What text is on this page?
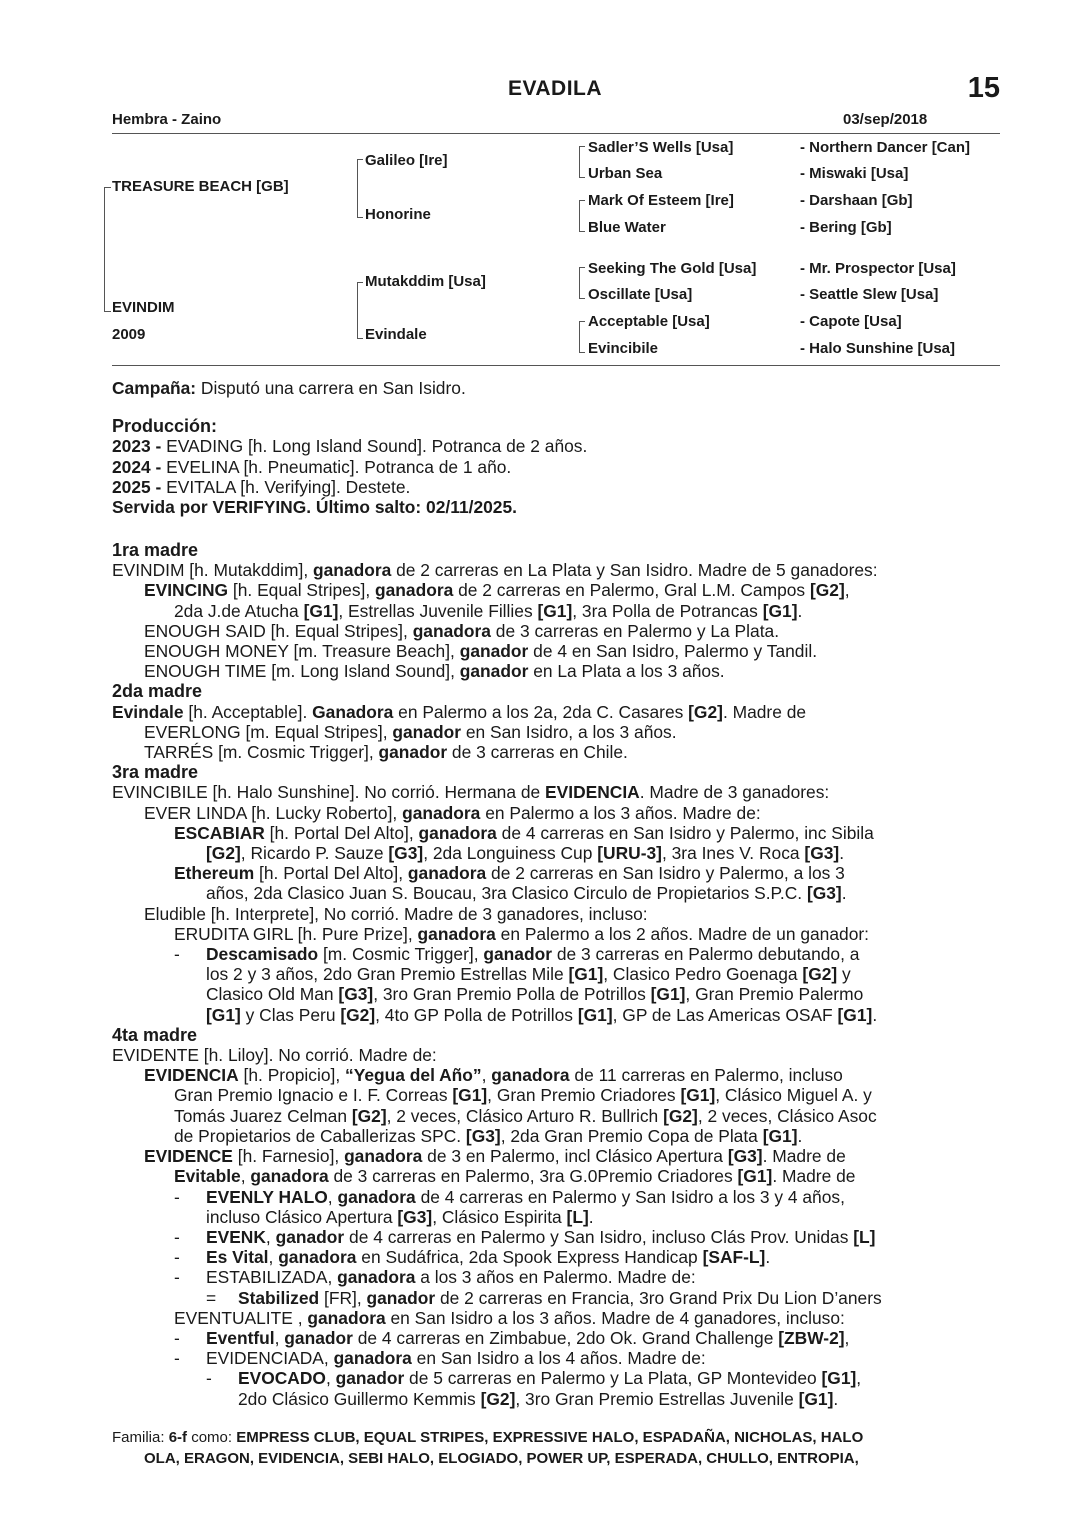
EVADILA	15
Hembra - Zaino	03/sep/2018
TREASURE BEACH [GB]
EVINDIM
2009
Galileo [Ire]
Honorine
Mutakddim [Usa]
Evindale
Sadler’S Wells [Usa]
Urban Sea
Mark Of Esteem [Ire]
Blue Water
Seeking The Gold [Usa]
Oscillate [Usa]
Acceptable [Usa]
Evincibile
- Northern Dancer [Can]
- Miswaki [Usa]
- Darshaan [Gb]
- Bering [Gb]
- Mr. Prospector [Usa]
- Seattle Slew [Usa]
- Capote [Usa]
- Halo Sunshine [Usa]

Campaña: Disputó una carrera en San Isidro.

Producción:

2023 - EVADING [h. Long Island Sound]. Potranca de 2 años.

2024 - EVELINA [h. Pneumatic]. Potranca de 1 año.

2025 - EVITALA [h. Verifying]. Destete.

Servida por VERIFYING. Último salto: 02/11/2025.

1ra madre

EVINDIM [h. Mutakddim], ganadora de 2 carreras en La Plata y San Isidro. Madre de 5 ganadores:

EVINCING [h. Equal Stripes], ganadora de 2 carreras en Palermo, Gral L.M. Campos [G2],

2da J.de Atucha [G1], Estrellas Juvenile Fillies [G1], 3ra Polla de Potrancas [G1].

ENOUGH SAID [h. Equal Stripes], ganadora de 3 carreras en Palermo y La Plata.

ENOUGH MONEY [m. Treasure Beach], ganador de 4 en San Isidro, Palermo y Tandil.

ENOUGH TIME [m. Long Island Sound], ganador en La Plata a los 3 años.

2da madre

Evindale [h. Acceptable]. Ganadora en Palermo a los 2a, 2da C. Casares [G2]. Madre de

EVERLONG [m. Equal Stripes], ganador en San Isidro, a los 3 años.

TARRÉS [m. Cosmic Trigger], ganador de 3 carreras en Chile.

3ra madre

EVINCIBILE [h. Halo Sunshine]. No corrió. Hermana de EVIDENCIA. Madre de 3 ganadores:

EVER LINDA [h. Lucky Roberto], ganadora en Palermo a los 3 años. Madre de:

ESCABIAR [h. Portal Del Alto], ganadora de 4 carreras en San Isidro y Palermo, inc Sibila

[G2], Ricardo P. Sauze [G3], 2da Longuiness Cup [URU-3], 3ra Ines V. Roca [G3].

Ethereum [h. Portal Del Alto], ganadora de 2 carreras en San Isidro y Palermo, a los 3

años, 2da Clasico Juan S. Boucau, 3ra Clasico Circulo de Propietarios S.P.C. [G3].

Eludible [h. Interprete], No corrió. Madre de 3 ganadores, incluso:

ERUDITA GIRL [h. Pure Prize], ganadora en Palermo a los 2 años. Madre de un ganador:

- Descamisado [m. Cosmic Trigger], ganador de 3 carreras en Palermo debutando, a

los 2 y 3 años, 2do Gran Premio Estrellas Mile [G1], Clasico Pedro Goenaga [G2] y

Clasico Old Man [G3], 3ro Gran Premio Polla de Potrillos [G1], Gran Premio Palermo

[G1] y Clas Peru [G2], 4to GP Polla de Potrillos [G1], GP de Las Americas OSAF [G1].

4ta madre

EVIDENTE [h. Liloy]. No corrió. Madre de:

EVIDENCIA [h. Propicio], “Yegua del Año”, ganadora de 11 carreras en Palermo, incluso

Gran Premio Ignacio e I. F. Correas [G1], Gran Premio Criadores [G1], Clásico Miguel A. y

Tomás Juarez Celman [G2], 2 veces, Clásico Arturo R. Bullrich [G2], 2 veces, Clásico Asoc

de Propietarios de Caballerizas SPC. [G3], 2da Gran Premio Copa de Plata [G1].

EVIDENCE [h. Farnesio], ganadora de 3 en Palermo, incl Clásico Apertura [G3]. Madre de

Evitable, ganadora de 3 carreras en Palermo, 3ra G.0Premio Criadores [G1]. Madre de

- EVENLY HALO, ganadora de 4 carreras en Palermo y San Isidro a los 3 y 4 años,

incluso Clásico Apertura [G3], Clásico Espirita [L].

- EVENK, ganador de 4 carreras en Palermo y San Isidro, incluso Clás Prov. Unidas [L]

- Es Vital, ganadora en Sudáfrica, 2da Spook Express Handicap [SAF-L].

- ESTABILIZADA, ganadora a los 3 años en Palermo. Madre de:

= Stabilized [FR], ganador de 2 carreras en Francia, 3ro Grand Prix Du Lion D’aners

EVENTUALITE , ganadora en San Isidro a los 3 años. Madre de 4 ganadores, incluso:

- Eventful, ganador de 4 carreras en Zimbabue, 2do Ok. Grand Challenge [ZBW-2],

- EVIDENCIADA, ganadora en San Isidro a los 4 años. Madre de:

- EVOCADO, ganador de 5 carreras en Palermo y La Plata, GP Montevideo [G1],

2do Clásico Guillermo Kemmis [G2], 3ro Gran Premio Estrellas Juvenile [G1].

Familia: 6-f como: EMPRESS CLUB, EQUAL STRIPES, EXPRESSIVE HALO, ESPADAÑA, NICHOLAS, HALO

OLA, ERAGON, EVIDENCIA, SEBI HALO, ELOGIADO, POWER UP, ESPERADA, CHULLO, ENTROPIA,
